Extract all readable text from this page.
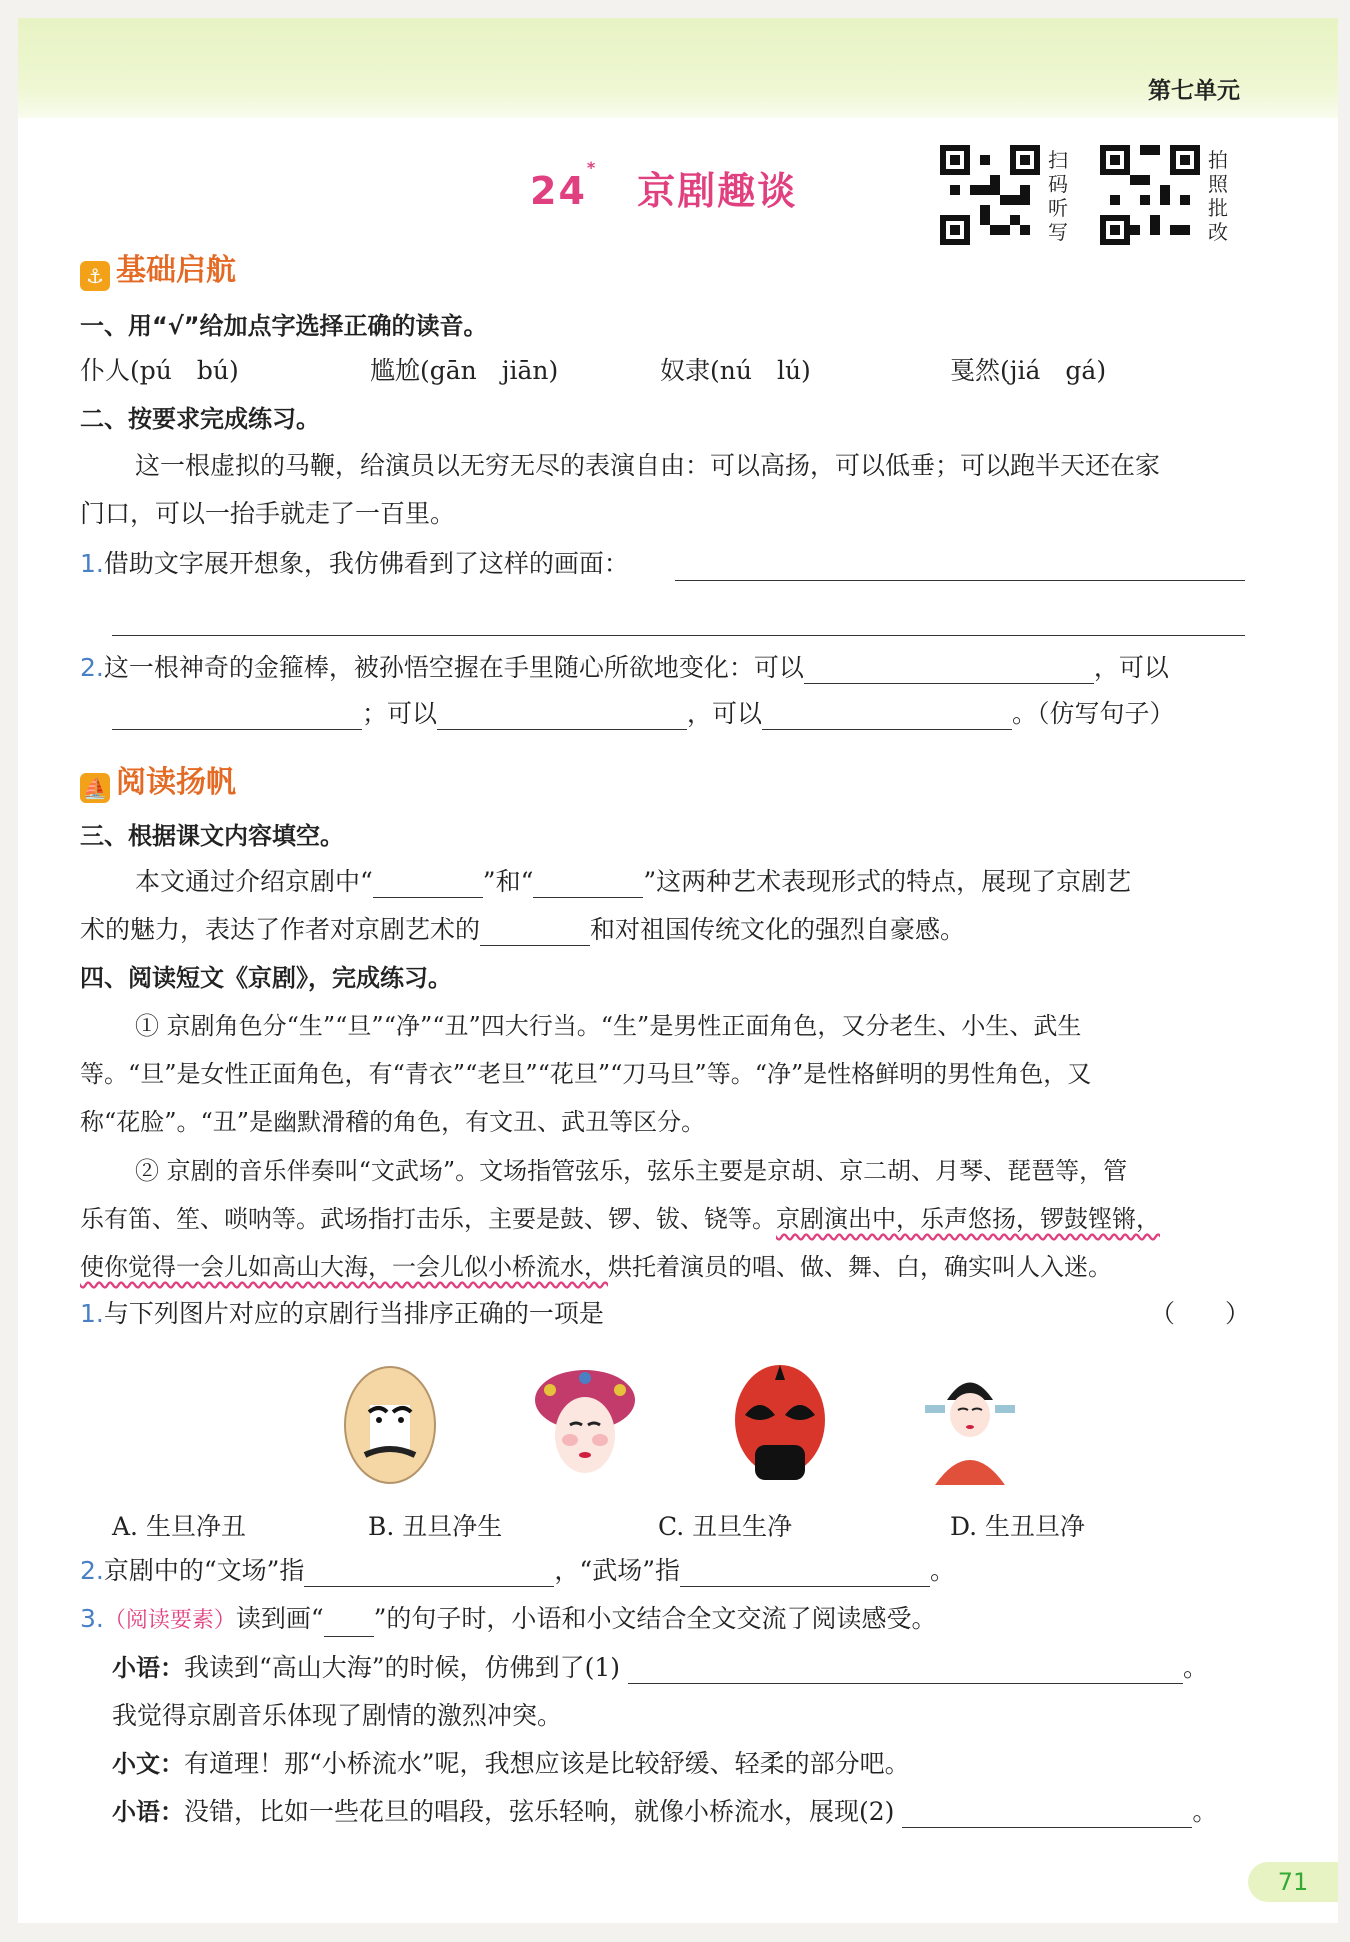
第七单元
24*　京剧趣谈
扫码听写
拍照批改
⚓ 基础启航
一、用“√”给加点字选择正确的读音。
仆人(pú　bú)	尴尬(gān　jiān)	奴隶(nú　lú)	戛然(jiá　gá)
二、按要求完成练习。
这一根虚拟的马鞭，给演员以无穷无尽的表演自由：可以高扬，可以低垂；可以跑半天还在家
门口，可以一抬手就走了一百里。
1.借助文字展开想象，我仿佛看到了这样的画面：
2.这一根神奇的金箍棒，被孙悟空握在手里随心所欲地变化：可以	，可以
；可以	，可以	。（仿写句子）
⛵ 阅读扬帆
三、根据课文内容填空。
本文通过介绍京剧中“	”和“	”这两种艺术表现形式的特点，展现了京剧艺
术的魅力，表达了作者对京剧艺术的	和对祖国传统文化的强烈自豪感。
四、阅读短文《京剧》，完成练习。
① 京剧角色分“生”“旦”“净”“丑”四大行当。“生”是男性正面角色，又分老生、小生、武生
等。“旦”是女性正面角色，有“青衣”“老旦”“花旦”“刀马旦”等。“净”是性格鲜明的男性角色，又
称“花脸”。“丑”是幽默滑稽的角色，有文丑、武丑等区分。
② 京剧的音乐伴奏叫“文武场”。文场指管弦乐，弦乐主要是京胡、京二胡、月琴、琵琶等，管
乐有笛、笙、唢呐等。武场指打击乐，主要是鼓、锣、钹、铙等。京剧演出中，乐声悠扬，锣鼓铿锵，
使你觉得一会儿如高山大海，一会儿似小桥流水，烘托着演员的唱、做、舞、白，确实叫人入迷。
1.与下列图片对应的京剧行当排序正确的一项是	（　　）
A. 生旦净丑	B. 丑旦净生	C. 丑旦生净	D. 生丑旦净
2.京剧中的“文场”指	，“武场”指	。
3.（阅读要素）读到画“ ”的句子时，小语和小文结合全文交流了阅读感受。
小语：我读到“高山大海”的时候，仿佛到了(1)	。
我觉得京剧音乐体现了剧情的激烈冲突。
小文：有道理！那“小桥流水”呢，我想应该是比较舒缓、轻柔的部分吧。
小语：没错，比如一些花旦的唱段，弦乐轻响，就像小桥流水，展现(2)	。
71
